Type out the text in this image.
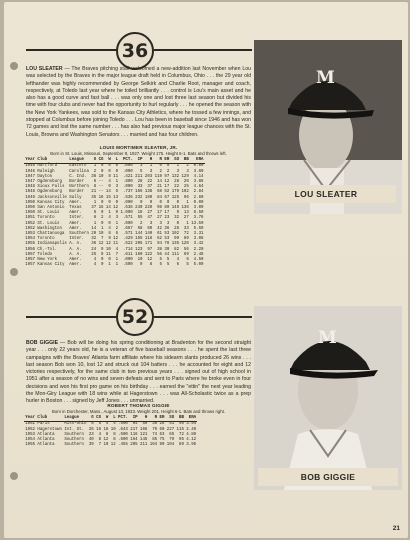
36
M
LOU SLEATER
LOU SLEATER — The Braves pitching staff welcomed a new-addition last November when Lou was selected by the Braves in the major league draft held in Columbus, Ohio . . . the 29 year old lefthander was highly recommended by George Selkirk and Charlie Root, manager and coach, respectively, at Toledo last year where he toiled brilliantly . . . control is Lou's main asset and he also has a good curve and fast ball . . . was only one and lost three last season but divided his time with four clubs and never had the opportunity to hurl regularly . . . he opened the season with the New York Yankees, was sold to the Kansas City Athletics, where he tossed a few innings, and stopped at Columbus before joining Toledo . . . Lou has been in baseball since 1946 and has won 72 games and lost the same number . . . has also had previous major league chances with the St. Louis, Browns and Washington Senators . . . married and has four children.
LOUIS MORTIMER SLEATER, JR.
Born in St. Louis, Missouri, September 8, 1927. Weight 175. Height 6-1. Bats and throws left.
Year	Club	League	G	CG	W	L	PCT.	IP	H	R	ER	SO	BB	ERA
1946	Hartford	Eastern	1	0	0	0	.000	3	1	0	0	1	2	0.00
1946	Raleigh	Carolina	2	0	0	0	.000	5	3	2	2	3	3	3.60
1947	Dayton	C. Ind.	38	10	8	11	.421	211	203	119	97	132	129	4.14
1947	Ogdensburg	Border	6	--	4	1	.800	28	22	14	12	28	20	3.86
1948	Sioux Falls	Northern	8	--	0	3	.000	33	37	21	17	22	25	4.64
1948	Ogdensburg	Border	21	--	14	5	.737	165	138	68	52	179	102	2.84
1949	Jacksonville	Sally	35	16	15	13	.536	232	180	84	67	125	96	2.60
1950	Kansas City	Amer.	1	0	0	0	.000	0	0	0	0	0	1	0.00
1950	San Antonio	Texas	37	16	14	12	.538	240	220	98	80	148	138	3.00
1950	St. Louis	Amer.	6	0	1	0	1.000	18	27	17	17	9	13	8.50
1951	Toronto	Inter.	8	2	4	3	.571	55	47	27	23	32	27	3.76
1952	St. Louis	Amer.	1	0	0	1	.000	2	3	3	3	0	1	13.50
1952	Washington	Amer.	14	1	4	2	.667	58	60	42	36	28	33	5.59
1953	Chattanooga	Southern	20	10	8	6	.571	144	140	61	53	102	72	3.31
1954	Toronto	Inter.	32	7	9	12	.429	155	118	62	53	99	89	3.08
1955	Indianapolis	A. A.	36	12	12	11	.522	205	171	94	78	135	120	3.42
1956	Ch.-Tol.	A. A.	24	9	10	4	.714	123	97	38	30	82	56	2.20
1957	Toledo	A. A.	25	9	11	7	.611	160	122	56	44	111	69	2.48
1957	New York	Amer.	4	0	0	1	.000	10	12	5	5	4	6	4.50
1957	Kansas City	Amer.	4	0	1	1	.500	9	8	5	5	6	5	5.00
52
M
BOB GIGGIE
BOB GIGGIE — Bob will be doing his spring conditioning at Bradenton for the second straight year . . . only 22 years old, he is a veteran of five baseball seasons . . . he spent the last three campaigns with the Braves' Atlanta farm affiliate where his sidearm slants produced 26 wins . . . last season Bob won 10, lost 12 and struck out 104 batters . . . he accounted for eight and 12 victories respectively, for the same club in two previous years . . . signed out of high school in 1951 after a season of no wins and seven defeats and sent to Paris where he broke even in four decisions and won his first pro game on his birthday . . . earned the "ettin" the next year leading the Mon-Giry League with 18 wins while at Hagerstown . . . was All-Scholastic twice as a prep hurler in Boston . . . signed by Jeff Jones . . . unmarried.
ROBERT THOMAS GIGGIE
Born in Dorchester, Mass., August 13, 1933. Weight 201. Height 6-1. Bats and throws right.
Year	Club	League	G	CG	W	L	PCT.	IP	H	R	ER	SO	BB	ERA
1951	Paris	Miss-Ohio	8	5	4	4	.500	64	50	36	28	51	40	3.94
1952	Hagerstown	Int. St.	26	16	18	10	.643	217	166	79	60	227	115	2.49
1953	Atlanta	Southern	23	4	8	8	.500	116	121	74	63	65	72	4.89
1954	Atlanta	Southern	40	8	12	8	.600	164	145	85	75	79	95	4.12
1955	Atlanta	Southern	39	7	10	12	.455	205	211	104	90	104	89	3.95
21
